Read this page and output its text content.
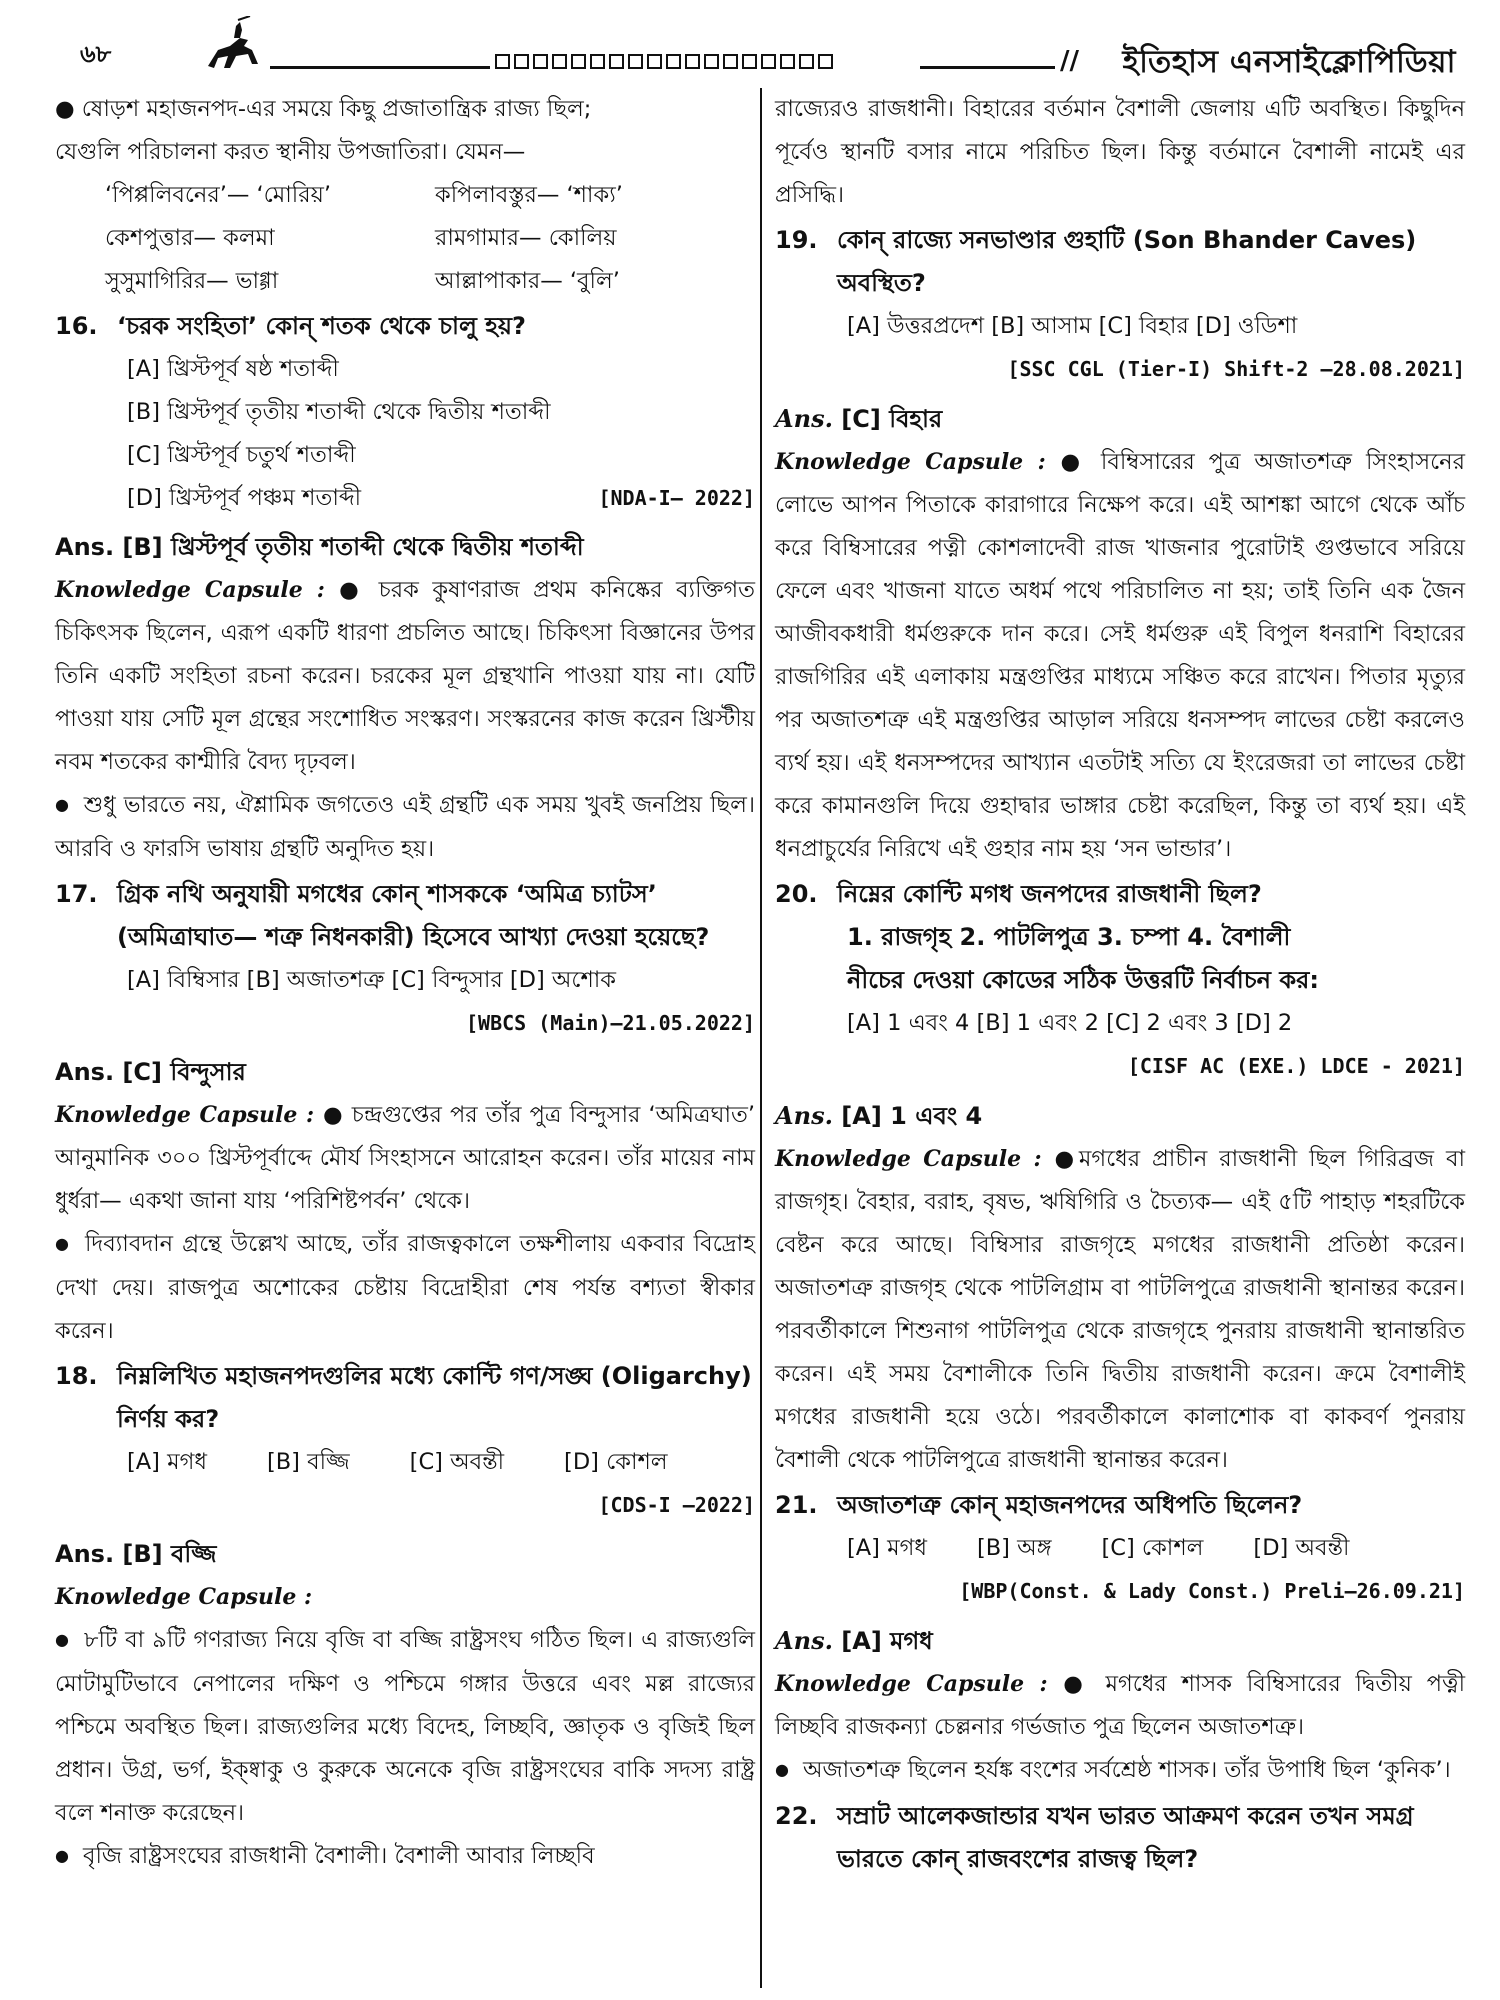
৬৮	// ইতিহাস এনসাইক্লোপিডিয়া

● ষোড়শ মহাজনপদ-এর সময়ে কিছু প্রজাতান্ত্রিক রাজ্য ছিল;

যেগুলি পরিচালনা করত স্থানীয় উপজাতিরা। যেমন—

‘পিপ্পলিবনের’— ‘মোরিয়’	কপিলাবস্তুর— ‘শাক্য’
কেশপুত্তার— কলমা	রামগামার— কোলিয়
সুসুমাগিরির— ভাগ্গা	আল্লাপাকার— ‘বুলি’
16. ‘চরক সংহিতা’ কোন্ শতক থেকে চালু হয়?
[A] খ্রিস্টপূর্ব ষষ্ঠ শতাব্দী
[B] খ্রিস্টপূর্ব তৃতীয় শতাব্দী থেকে দ্বিতীয় শতাব্দী
[C] খ্রিস্টপূর্ব চতুর্থ শতাব্দী
[D] খ্রিস্টপূর্ব পঞ্চম শতাব্দী	[NDA-I– 2022]
Ans. [B] খ্রিস্টপূর্ব তৃতীয় শতাব্দী থেকে দ্বিতীয় শতাব্দী

Knowledge Capsule : ● চরক কুষাণরাজ প্রথম কনিষ্কের ব্যক্তিগত চিকিৎসক ছিলেন, এরূপ একটি ধারণা প্রচলিত আছে। চিকিৎসা বিজ্ঞানের উপর তিনি একটি সংহিতা রচনা করেন। চরকের মূল গ্রন্থখানি পাওয়া যায় না। যেটি পাওয়া যায় সেটি মূল গ্রন্থের সংশোধিত সংস্করণ। সংস্করনের কাজ করেন খ্রিস্টীয় নবম শতকের কাশ্মীরি বৈদ্য দৃঢ়বল।

● শুধু ভারতে নয়, ঐশ্লামিক জগতেও এই গ্রন্থটি এক সময় খুবই জনপ্রিয় ছিল। আরবি ও ফারসি ভাষায় গ্রন্থটি অনুদিত হয়।

17. গ্রিক নথি অনুযায়ী মগধের কোন্ শাসককে ‘অমিত্র চ্যাটস’ (অমিত্রাঘাত— শত্রু নিধনকারী) হিসেবে আখ্যা দেওয়া হয়েছে?
[A] বিম্বিসার [B] অজাতশত্রু [C] বিন্দুসার [D] অশোক
[WBCS (Main)–21.05.2022]
Ans. [C] বিন্দুসার

Knowledge Capsule : ● চন্দ্রগুপ্তের পর তাঁর পুত্র বিন্দুসার ‘অমিত্রঘাত’ আনুমানিক ৩০০ খ্রিস্টপূর্বাব্দে মৌর্য সিংহাসনে আরোহন করেন। তাঁর মায়ের নাম ধুর্ধরা— একথা জানা যায় ‘পরিশিষ্টপর্বন’ থেকে।

● দিব্যাবদান গ্রন্থে উল্লেখ আছে, তাঁর রাজত্বকালে তক্ষশীলায় একবার বিদ্রোহ দেখা দেয়। রাজপুত্র অশোকের চেষ্টায় বিদ্রোহীরা শেষ পর্যন্ত বশ্যতা স্বীকার করেন।

18. নিম্নলিখিত মহাজনপদগুলির মধ্যে কোন্টি গণ/সঙ্ঘ (Oligarchy) নির্ণয় কর?
[A] মগধ	[B] বজ্জি	[C] অবন্তী	[D] কোশল
[CDS-I –2022]
Ans. [B] বজ্জি
Knowledge Capsule :

● ৮টি বা ৯টি গণরাজ্য নিয়ে বৃজি বা বজ্জি রাষ্ট্রসংঘ গঠিত ছিল। এ রাজ্যগুলি মোটামুটিভাবে নেপালের দক্ষিণ ও পশ্চিমে গঙ্গার উত্তরে এবং মল্ল রাজ্যের পশ্চিমে অবস্থিত ছিল। রাজ্যগুলির মধ্যে বিদেহ, লিচ্ছবি, জ্ঞাতৃক ও বৃজিই ছিল প্রধান। উগ্র, ভর্গ, ইক্ষ্বাকু ও কুরুকে অনেকে বৃজি রাষ্ট্রসংঘের বাকি সদস্য রাষ্ট্র বলে শনাক্ত করেছেন।

● বৃজি রাষ্ট্রসংঘের রাজধানী বৈশালী। বৈশালী আবার লিচ্ছবি

রাজ্যেরও রাজধানী। বিহারের বর্তমান বৈশালী জেলায় এটি অবস্থিত। কিছুদিন পূর্বেও স্থানটি বসার নামে পরিচিত ছিল। কিন্তু বর্তমানে বৈশালী নামেই এর প্রসিদ্ধি।

19. কোন্ রাজ্যে সনভাণ্ডার গুহাটি (Son Bhander Caves) অবস্থিত?
[A] উত্তরপ্রদেশ [B] আসাম [C] বিহার [D] ওডিশা
[SSC CGL (Tier-I) Shift-2 –28.08.2021]
Ans. [C] বিহার

Knowledge Capsule : ● বিম্বিসারের পুত্র অজাতশত্রু সিংহাসনের লোভে আপন পিতাকে কারাগারে নিক্ষেপ করে। এই আশঙ্কা আগে থেকে আঁচ করে বিম্বিসারের পত্নী কোশলাদেবী রাজ খাজনার পুরোটাই গুপ্তভাবে সরিয়ে ফেলে এবং খাজনা যাতে অধর্ম পথে পরিচালিত না হয়; তাই তিনি এক জৈন আজীবকধারী ধর্মগুরুকে দান করে। সেই ধর্মগুরু এই বিপুল ধনরাশি বিহারের রাজগিরির এই এলাকায় মন্ত্রগুপ্তির মাধ্যমে সঞ্চিত করে রাখেন। পিতার মৃত্যুর পর অজাতশত্রু এই মন্ত্রগুপ্তির আড়াল সরিয়ে ধনসম্পদ লাভের চেষ্টা করলেও ব্যর্থ হয়। এই ধনসম্পদের আখ্যান এতটাই সত্যি যে ইংরেজরা তা লাভের চেষ্টা করে কামানগুলি দিয়ে গুহাদ্বার ভাঙ্গার চেষ্টা করেছিল, কিন্তু তা ব্যর্থ হয়। এই ধনপ্রাচুর্যের নিরিখে এই গুহার নাম হয় ‘সন ভান্ডার’।

20. নিম্নের কোন্টি মগধ জনপদের রাজধানী ছিল?
1. রাজগৃহ 2. পাটলিপুত্র 3. চম্পা 4. বৈশালী
নীচের দেওয়া কোডের সঠিক উত্তরটি নির্বাচন কর:
[A] 1 এবং 4 [B] 1 এবং 2 [C] 2 এবং 3 [D] 2
[CISF AC (EXE.) LDCE - 2021]
Ans. [A] 1 এবং 4

Knowledge Capsule : ●মগধের প্রাচীন রাজধানী ছিল গিরিব্রজ বা রাজগৃহ। বৈহার, বরাহ, বৃষভ, ঋষিগিরি ও চৈত্যক— এই ৫টি পাহাড় শহরটিকে বেষ্টন করে আছে। বিম্বিসার রাজগৃহে মগধের রাজধানী প্রতিষ্ঠা করেন। অজাতশত্রু রাজগৃহ থেকে পাটলিগ্রাম বা পাটলিপুত্রে রাজধানী স্থানান্তর করেন। পরবর্তীকালে শিশুনাগ পাটলিপুত্র থেকে রাজগৃহে পুনরায় রাজধানী স্থানান্তরিত করেন। এই সময় বৈশালীকে তিনি দ্বিতীয় রাজধানী করেন। ক্রমে বৈশালীই মগধের রাজধানী হয়ে ওঠে। পরবর্তীকালে কালাশোক বা কাকবর্ণ পুনরায় বৈশালী থেকে পাটলিপুত্রে রাজধানী স্থানান্তর করেন।

21. অজাতশত্রু কোন্ মহাজনপদের অধিপতি ছিলেন?
[A] মগধ [B] অঙ্গ [C] কোশল [D] অবন্তী
[WBP(Const. & Lady Const.) Preli–26.09.21]
Ans. [A] মগধ

Knowledge Capsule : ● মগধের শাসক বিম্বিসারের দ্বিতীয় পত্নী লিচ্ছবি রাজকন্যা চেল্লনার গর্ভজাত পুত্র ছিলেন অজাতশত্রু।

● অজাতশত্রু ছিলেন হর্যঙ্ক বংশের সর্বশ্রেষ্ঠ শাসক। তাঁর উপাধি ছিল ‘কুনিক’।

22. সম্রাট আলেকজান্ডার যখন ভারত আক্রমণ করেন তখন সমগ্র ভারতে কোন্ রাজবংশের রাজত্ব ছিল?
